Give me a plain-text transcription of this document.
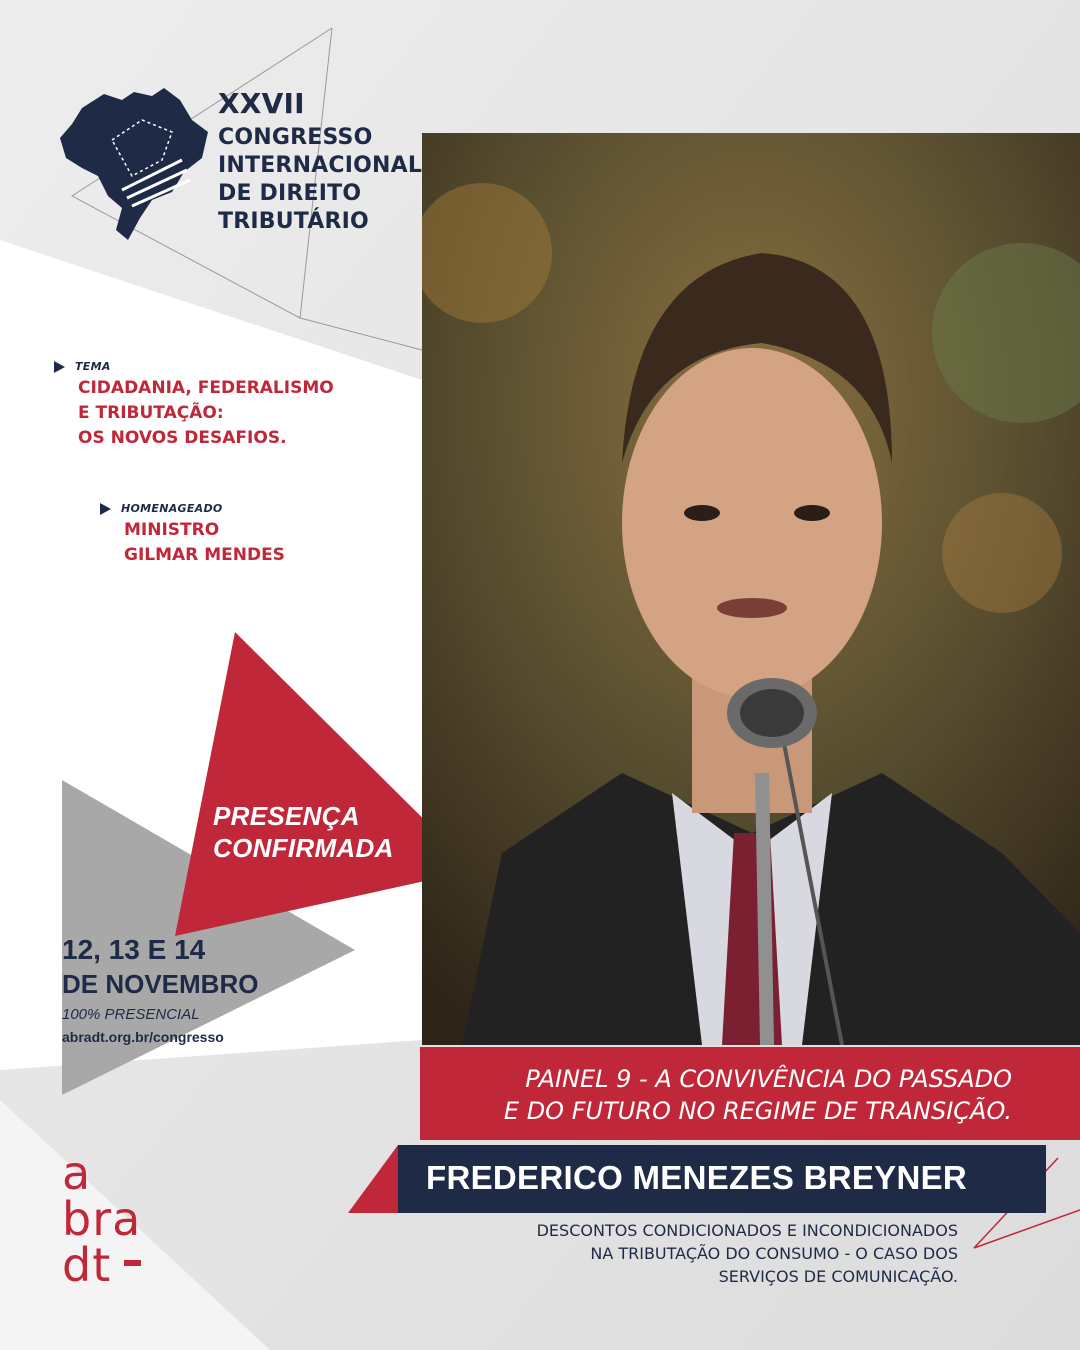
XXVII
CONGRESSO
INTERNACIONAL
DE DIREITO
TRIBUTÁRIO
TEMA
CIDADANIA, FEDERALISMO
E TRIBUTAÇÃO:
OS NOVOS DESAFIOS.
HOMENAGEADO
MINISTRO
GILMAR MENDES
PRESENÇA
CONFIRMADA
12, 13 E 14
DE NOVEMBRO
100% PRESENCIAL
abradt.org.br/congresso
PAINEL 9 - A CONVIVÊNCIA DO PASSADO
E DO FUTURO NO REGIME DE TRANSIÇÃO.
FREDERICO MENEZES BREYNER
DESCONTOS CONDICIONADOS E INCONDICIONADOS
NA TRIBUTAÇÃO DO CONSUMO - O CASO DOS
SERVIÇOS DE COMUNICAÇÃO.
a
bra
dt
